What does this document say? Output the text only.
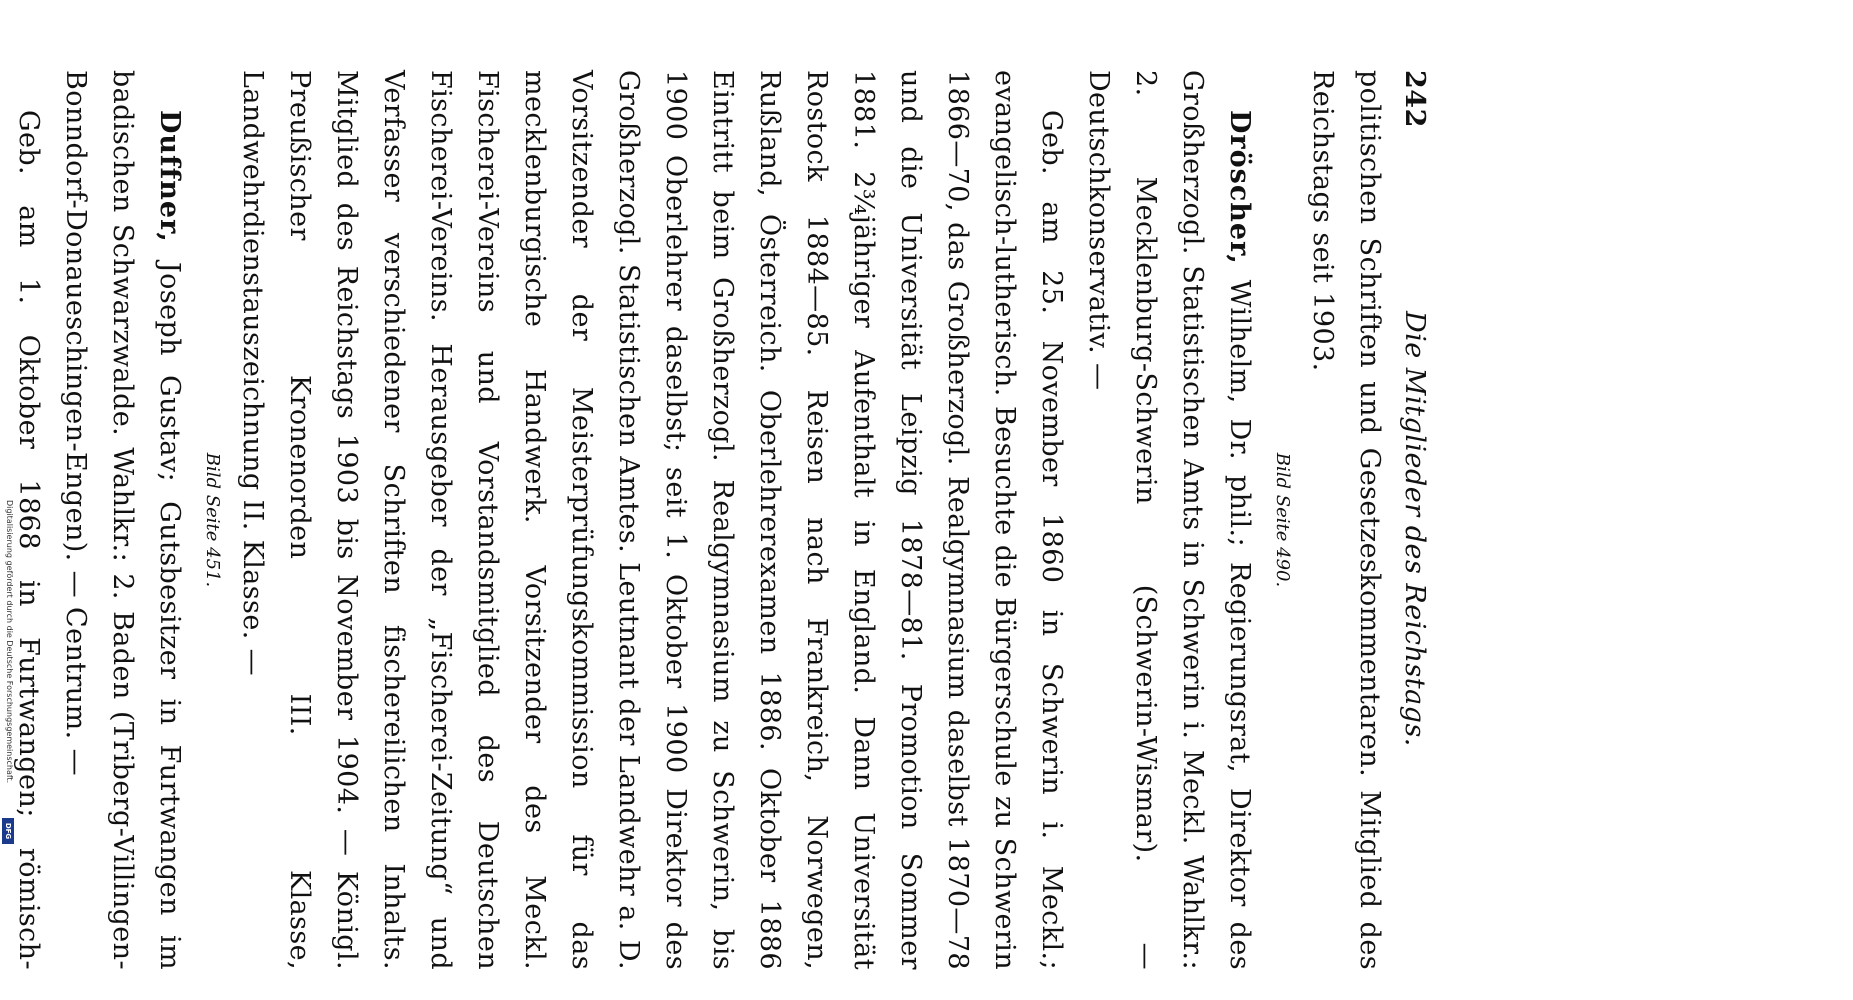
Digitalisierung gefördert durch die Deutsche Forschungsgemeinschaft.
DFG
242
Die Mitglieder des Reichstags.

politischen Schriften und Gesetzeskommentaren. Mitglied des Reichstags seit 1903.

Bild Seite 490.

Dröscher, Wilhelm, Dr. phil.; Regierungsrat, Direktor des Großherzogl. Statistischen Amts in Schwerin i. Meckl. Wahlkr.: 2. Mecklenburg-Schwerin (Schwerin-Wismar). — Deutschkonservativ. —

Geb. am 25. November 1860 in Schwerin i. Meckl.; evangelisch-lutherisch. Besuchte die Bürgerschule zu Schwerin 1866—70, das Großherzogl. Realgymnasium daselbst 1870—78 und die Universität Leipzig 1878—81. Promotion Sommer 1881. 2¾jähriger Aufenthalt in England. Dann Universität Rostock 1884—85. Reisen nach Frankreich, Norwegen, Rußland, Österreich. Oberlehrerexamen 1886. Oktober 1886 Eintritt beim Großherzogl. Realgymnasium zu Schwerin, bis 1900 Oberlehrer daselbst; seit 1. Oktober 1900 Direktor des Großherzogl. Statistischen Amtes. Leutnant der Landwehr a. D. Vorsitzender der Meisterprüfungskommission für das mecklenburgische Handwerk. Vorsitzender des Meckl. Fischerei-Vereins und Vorstandsmitglied des Deutschen Fischerei-Vereins. Herausgeber der „Fischerei-Zeitung“ und Verfasser verschiedener Schriften fischereilichen Inhalts. Mitglied des Reichstags 1903 bis November 1904. — Königl. Preußischer Kronenorden III. Klasse, Landwehrdienstauszeichnung II. Klasse. —

Bild Seite 451.

Duffner, Joseph Gustav; Gutsbesitzer in Furtwangen im badischen Schwarzwalde. Wahlkr.: 2. Baden (Triberg-Villingen-Bonndorf-Donaueschingen-Engen). — Centrum. —

Geb. am 1. Oktober 1868 in Furtwangen; römisch-
